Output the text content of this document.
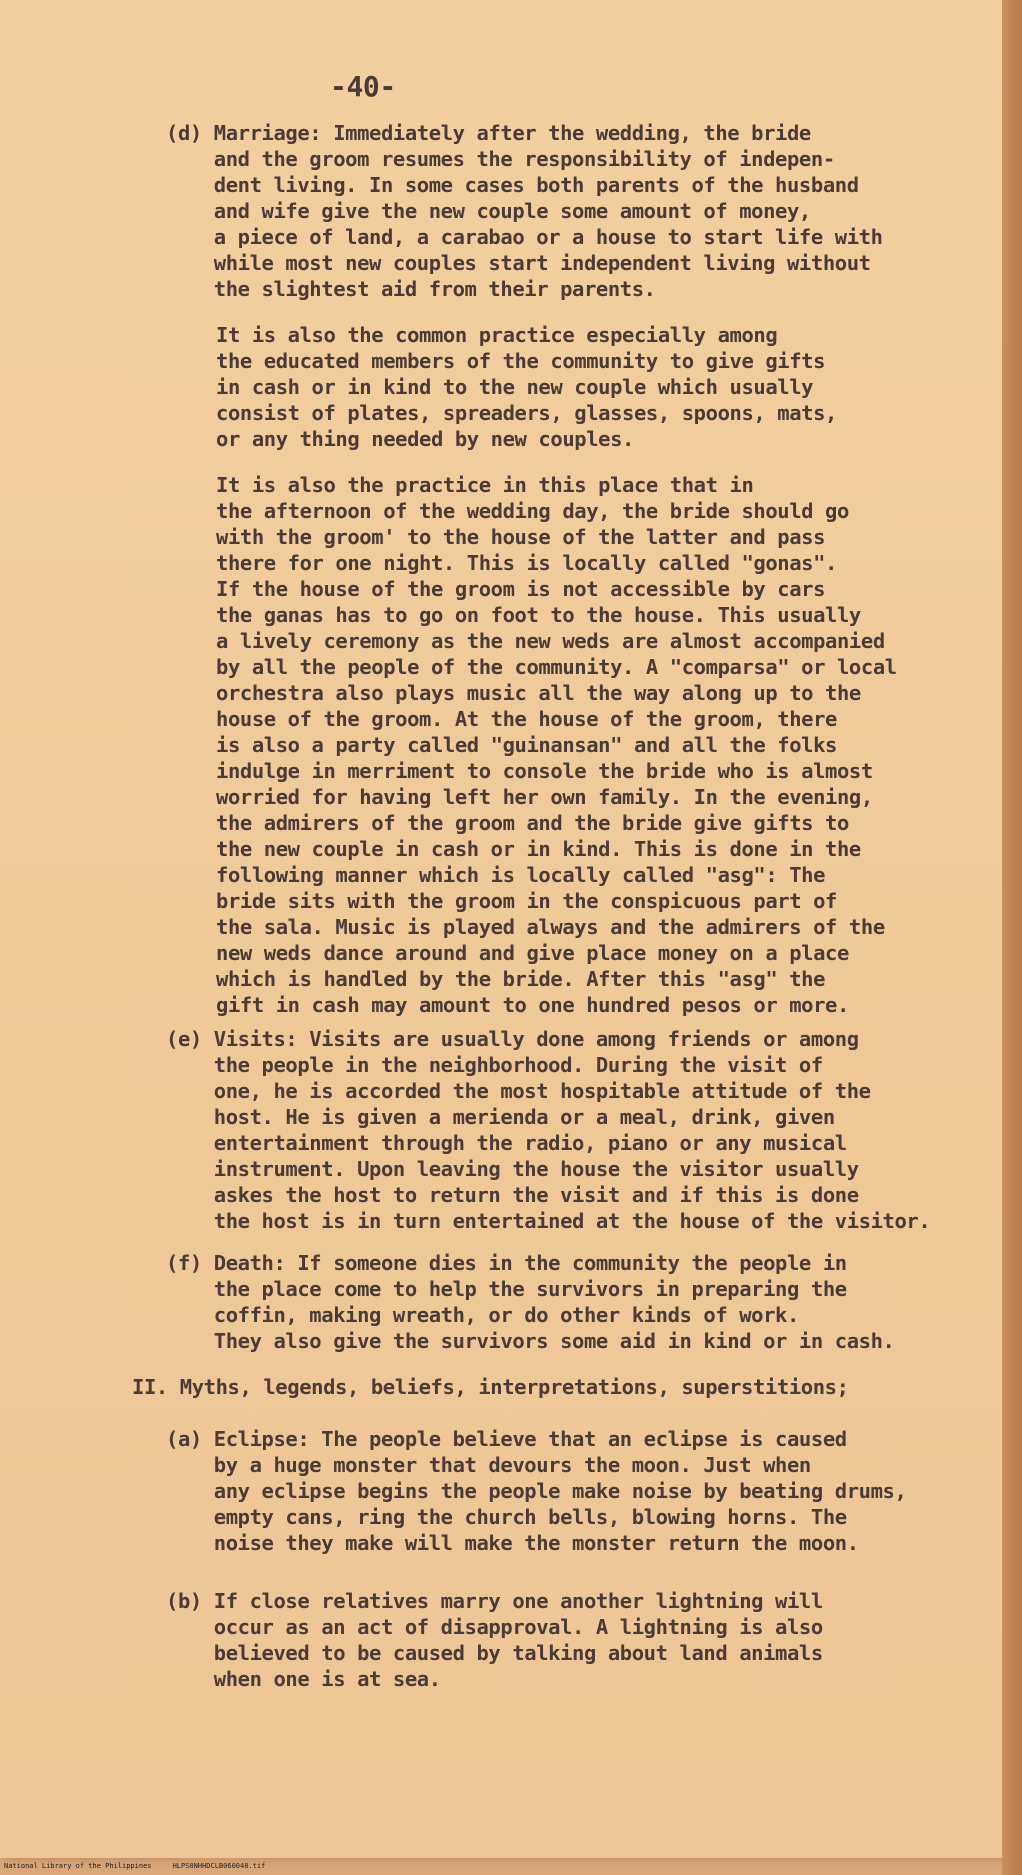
-40-
(d) Marriage: Immediately after the wedding, the bride
and the groom resumes the responsibility of indepen-
dent living. In some cases both parents of the husband
and wife give the new couple some amount of money,
a piece of land, a carabao or a house to start life with
while most new couples start independent living without
the slightest aid from their parents.
It is also the common practice especially among
the educated members of the community to give gifts
in cash or in kind to the new couple which usually
consist of plates, spreaders, glasses, spoons, mats,
or any thing needed by new couples.
It is also the practice in this place that in
the afternoon of the wedding day, the bride should go
with the groom' to the house of the latter and pass
there for one night. This is locally called "gonas".
If the house of the groom is not accessible by cars
the ganas has to go on foot to the house. This usually
a lively ceremony as the new weds are almost accompanied
by all the people of the community. A "comparsa" or local
orchestra also plays music all the way along up to the
house of the groom. At the house of the groom, there
is also a party called "guinansan" and all the folks
indulge in merriment to console the bride who is almost
worried for having left her own family. In the evening,
the admirers of the groom and the bride give gifts to
the new couple in cash or in kind. This is done in the
following manner which is locally called "asg": The
bride sits with the groom in the conspicuous part of
the sala. Music is played always and the admirers of the
new weds dance around and give place money on a place
which is handled by the bride. After this "asg" the
gift in cash may amount to one hundred pesos or more.
(e) Visits: Visits are usually done among friends or among
the people in the neighborhood. During the visit of
one, he is accorded the most hospitable attitude of the
host. He is given a merienda or a meal, drink, given
entertainment through the radio, piano or any musical
instrument. Upon leaving the house the visitor usually
askes the host to return the visit and if this is done
the host is in turn entertained at the house of the visitor.
(f) Death: If someone dies in the community the people in
the place come to help the survivors in preparing the
coffin, making wreath, or do other kinds of work.
They also give the survivors some aid in kind or in cash.
II. Myths, legends, beliefs, interpretations, superstitions;
(a) Eclipse: The people believe that an eclipse is caused
by a huge monster that devours the moon. Just when
any eclipse begins the people make noise by beating drums,
empty cans, ring the church bells, blowing horns. The
noise they make will make the monster return the moon.
(b) If close relatives marry one another lightning will
occur as an act of disapproval. A lightning is also
believed to be caused by talking about land animals
when one is at sea.
National Library of the Philippines     HLPS0NHHDCLB060048.tif
